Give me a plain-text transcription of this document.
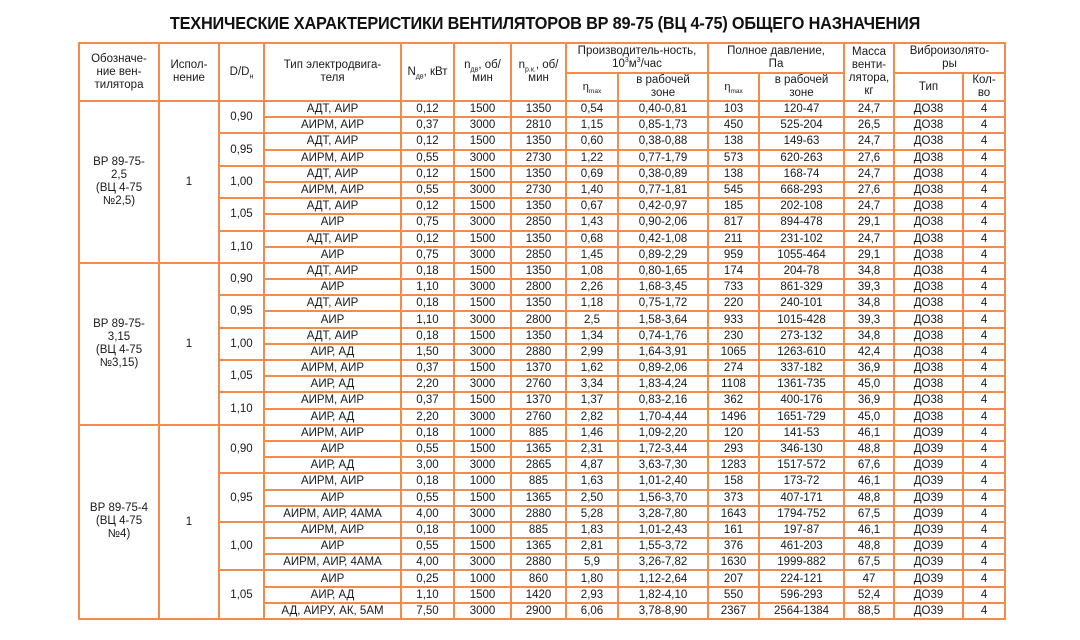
ТЕХНИЧЕСКИЕ ХАРАКТЕРИСТИКИ ВЕНТИЛЯТОРОВ ВР 89-75 (ВЦ 4-75) ОБЩЕГО НАЗНАЧЕНИЯ
Обозначе-ние вен-тилятора	Испол-нение	$D/D_н$	Тип электродвига-теля	$N_{дв}$, кВт	$n_{дв}$, об/мин	$n_{р.к.}$, об/мин	Производитель-ность, $10^3м^3$/час		Полное давление, Па		Масса венти-лятора, кг	Виброизолято-ры	
							$\eta_{max}$	в рабочей зоне	$\eta_{max}$	в рабочей зоне		Тип	Кол-во

ВР 89-75-
2,5
(ВЦ 4-75
№2,5)	1	0,90	АДТ, АИР	0,12	1500	1350	0,54	0,40-0,81	103	120-47	24,7	ДО38	4
			АИРМ, АИР	0,37	3000	2810	1,15	0,85-1,73	450	525-204	26,5	ДО38	4
		0,95	АДТ, АИР	0,12	1500	1350	0,60	0,38-0,88	138	149-63	24,7	ДО38	4
			АИРМ, АИР	0,55	3000	2730	1,22	0,77-1,79	573	620-263	27,6	ДО38	4
		1,00	АДТ, АИР	0,12	1500	1350	0,69	0,38-0,89	138	168-74	24,7	ДО38	4
			АИРМ, АИР	0,55	3000	2730	1,40	0,77-1,81	545	668-293	27,6	ДО38	4
		1,05	АДТ, АИР	0,12	1500	1350	0,67	0,42-0,97	185	202-108	24,7	ДО38	4
			АИР	0,75	3000	2850	1,43	0,90-2,06	817	894-478	29,1	ДО38	4
		1,10	АДТ, АИР	0,12	1500	1350	0,68	0,42-1,08	211	231-102	24,7	ДО38	4
			АИР	0,75	3000	2850	1,45	0,89-2,29	959	1055-464	29,1	ДО38	4

ВР 89-75-
3,15
(ВЦ 4-75
№3,15)	1	0,90	АДТ, АИР	0,18	1500	1350	1,08	0,80-1,65	174	204-78	34,8	ДО38	4
			АИР	1,10	3000	2800	2,26	1,68-3,45	733	861-329	39,3	ДО38	4
		0,95	АДТ, АИР	0,18	1500	1350	1,18	0,75-1,72	220	240-101	34,8	ДО38	4
			АИР	1,10	3000	2800	2,5	1,58-3,64	933	1015-428	39,3	ДО38	4
		1,00	АДТ, АИР	0,18	1500	1350	1,34	0,74-1,76	230	273-132	34,8	ДО38	4
			АИР, АД	1,50	3000	2880	2,99	1,64-3,91	1065	1263-610	42,4	ДО38	4
		1,05	АИРМ, АИР	0,37	1500	1370	1,62	0,89-2,06	274	337-182	36,9	ДО38	4
			АИР, АД	2,20	3000	2760	3,34	1,83-4,24	1108	1361-735	45,0	ДО38	4
		1,10	АИРМ, АИР	0,37	1500	1370	1,37	0,83-2,16	362	400-176	36,9	ДО38	4
			АИР, АД	2,20	3000	2760	2,82	1,70-4,44	1496	1651-729	45,0	ДО38	4

ВР 89-75-4
(ВЦ 4-75
№4)	1	0,90	АИРМ, АИР	0,18	1000	885	1,46	1,09-2,20	120	141-53	46,1	ДО39	4
			АИР	0,55	1500	1365	2,31	1,72-3,44	293	346-130	48,8	ДО39	4
			АИР, АД	3,00	3000	2865	4,87	3,63-7,30	1283	1517-572	67,6	ДО39	4
		0,95	АИРМ, АИР	0,18	1000	885	1,63	1,01-2,40	158	173-72	46,1	ДО39	4
			АИР	0,55	1500	1365	2,50	1,56-3,70	373	407-171	48,8	ДО39	4
			АИРМ, АИР, 4АМА	4,00	3000	2880	5,28	3,28-7,80	1643	1794-752	67,5	ДО39	4
		1,00	АИРМ, АИР	0,18	1000	885	1,83	1,01-2,43	161	197-87	46,1	ДО39	4
			АИР	0,55	1500	1365	2,81	1,55-3,72	376	461-203	48,8	ДО39	4
			АИРМ, АИР, 4АМА	4,00	3000	2880	5,9	3,26-7,82	1630	1999-882	67,5	ДО39	4
		1,05	АИР	0,25	1000	860	1,80	1,12-2,64	207	224-121	47	ДО39	4
			АИР, АД	1,10	1500	1420	2,93	1,82-4,10	550	596-293	52,4	ДО39	4
			АД, АИРУ, АК, 5АМ	7,50	3000	2900	6,06	3,78-8,90	2367	2564-1384	88,5	ДО39	4
